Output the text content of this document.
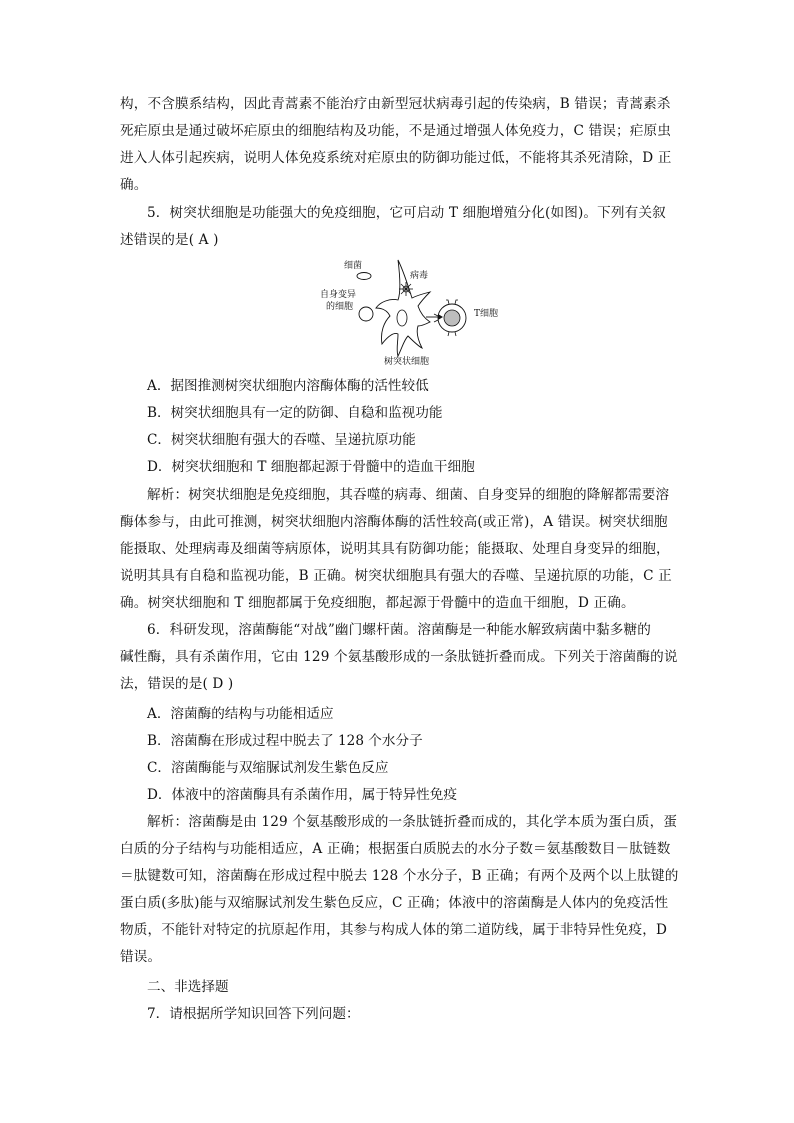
构，不含膜系结构，因此青蒿素不能治疗由新型冠状病毒引起的传染病，B 错误；青蒿素杀
死疟原虫是通过破坏疟原虫的细胞结构及功能，不是通过增强人体免疫力，C 错误；疟原虫
进入人体引起疾病，说明人体免疫系统对疟原虫的防御功能过低，不能将其杀死清除，D 正
确。
5．树突状细胞是功能强大的免疫细胞，它可启动 T 细胞增殖分化(如图)。下列有关叙
述错误的是( A )
细菌
病毒
自身变异
的细胞
T细胞
树突状细胞
A．据图推测树突状细胞内溶酶体酶的活性较低
B．树突状细胞具有一定的防御、自稳和监视功能
C．树突状细胞有强大的吞噬、呈递抗原功能
D．树突状细胞和 T 细胞都起源于骨髓中的造血干细胞
解析：树突状细胞是免疫细胞，其吞噬的病毒、细菌、自身变异的细胞的降解都需要溶
酶体参与，由此可推测，树突状细胞内溶酶体酶的活性较高(或正常)，A 错误。树突状细胞
能摄取、处理病毒及细菌等病原体，说明其具有防御功能；能摄取、处理自身变异的细胞，
说明其具有自稳和监视功能，B 正确。树突状细胞具有强大的吞噬、呈递抗原的功能，C 正
确。树突状细胞和 T 细胞都属于免疫细胞，都起源于骨髓中的造血干细胞，D 正确。
6．科研发现，溶菌酶能“对战”幽门螺杆菌。溶菌酶是一种能水解致病菌中黏多糖的
碱性酶，具有杀菌作用，它由 129 个氨基酸形成的一条肽链折叠而成。下列关于溶菌酶的说
法，错误的是( D )
A．溶菌酶的结构与功能相适应
B．溶菌酶在形成过程中脱去了 128 个水分子
C．溶菌酶能与双缩脲试剂发生紫色反应
D．体液中的溶菌酶具有杀菌作用，属于特异性免疫
解析：溶菌酶是由 129 个氨基酸形成的一条肽链折叠而成的，其化学本质为蛋白质，蛋
白质的分子结构与功能相适应，A 正确；根据蛋白质脱去的水分子数＝氨基酸数目－肽链数
＝肽键数可知，溶菌酶在形成过程中脱去 128 个水分子，B 正确；有两个及两个以上肽键的
蛋白质(多肽)能与双缩脲试剂发生紫色反应，C 正确；体液中的溶菌酶是人体内的免疫活性
物质，不能针对特定的抗原起作用，其参与构成人体的第二道防线，属于非特异性免疫，D
错误。
二、非选择题
7．请根据所学知识回答下列问题：
